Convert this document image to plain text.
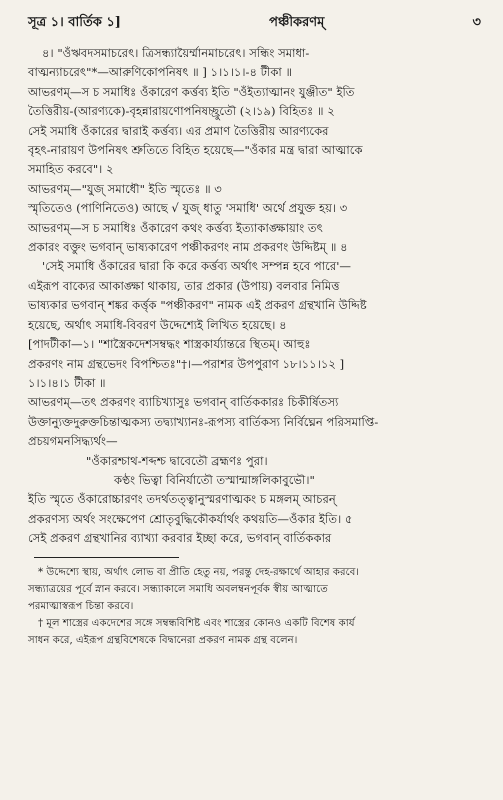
সূত্র ১। বার্তিক ১]	পঞ্চীকরণম্	৩
৪। "ওঁঋবদসমাচরেৎ। ত্রিসন্ধ্যায়ৈর্ম্মানমাচরেৎ। সন্ধিং সমাধা-
বাত্মন্যাচরেৎ"*—আরুণিকোপনিষৎ ॥ ] ১।১।১।-৪ টীকা ॥
আভরণম্—স চ সমাধিঃ ওঁকারেণ কর্ত্তব্য ইতি "ওঁইত্যাত্মানং যুঞ্জীত" ইতি
তৈত্তিরীয়-(আরণ্যকে)-বৃহন্নারায়ণোপনিষচ্ছ্রুতৌ (২।১৯) বিহিতঃ ॥ ২
সেই সমাধি ওঁকারের দ্বারাই কর্ত্তব্য। এর প্রমাণ তৈত্তিরীয় আরণ্যকের
বৃহৎ-নারায়ণ উপনিষৎ শ্রুতিতে বিহিত হয়েছে—"ওঁকার মন্ত্র দ্বারা আত্মাকে
সমাহিত করবে"। ২
আভরণম্—"যুজ্ সমাধৌ" ইতি স্মৃতেঃ ॥ ৩
স্মৃতিতেও (পাণিনিতেও) আছে √ যুজ্ ধাতু 'সমাধি' অর্থে প্রযুক্ত হয়। ৩
আভরণম্—স চ সমাধিঃ ওঁকারেণ কথং কর্ত্তব্য ইত্যাকাঙ্ক্ষায়াং তৎ
প্রকারং বক্তুং ভগবান্ ভাষ্যকারেণ পঞ্চীকরণং নাম প্রকরণং উদ্দিষ্টম্ ॥ ৪
'সেই সমাধি ওঁকারের দ্বারা কি করে কর্ত্তব্য অর্থাৎ সম্পন্ন হবে পারে'—
এইরূপ বাক্যের আকাঙ্ক্ষা থাকায়, তার প্রকার (উপায়) বলবার নিমিত্ত
ভাষ্যকার ভগবান্ শঙ্কর কর্ত্তৃক "পঞ্চীকরণ" নামক এই প্রকরণ গ্রন্থখানি উদ্দিষ্ট
হয়েছে, অর্থাৎ সমাধি-বিবরণ উদ্দেশ্যেই লিখিত হয়েছে। ৪
[পাদটীকা—১। "শাস্ত্রৈকদেশসম্বদ্ধং শাস্ত্রকার্য্যান্তরে স্থিতম্। আহুঃ
প্রকরণং নাম গ্রন্থভেদং বিপশ্চিতঃ"†।—পরাশর উপপুরাণ ১৮।১১।১২ ]
১।১।৪।১ টীকা ॥
আভরণম্—তৎ প্রকরণং ব্যাচিখ্যাসুঃ ভগবান্ বার্তিককারঃ চিকীর্ষিতস্য
উক্তান্যুক্তদুরুক্তচিন্তাত্মকস্য তদ্ব্যাখ্যানঃ-রূপস্য বার্তিকস্য নির্বিঘ্নেন পরিসমাপ্তি-
প্রচয়গমনসিদ্ধ্যর্থং—
"ওঁকারশ্চাথ-শব্দশ্চ দ্বাবেতৌ ব্রহ্মণঃ পুরা।
কণ্ঠং ভিত্বা বিনির্যাতৌ তস্মান্মাঙ্গলিকাবুভৌ।"
ইতি স্মৃতে ওঁকারোচ্চারণং তদর্থতত্ত্বানুস্মরণাত্মকং চ মঙ্গলম্ আচরন্
প্রকরণস্য অর্থং সংক্ষেপেণ শ্রোতৃবুদ্ধিকৌকর্যার্থং কথয়তি—ওঁকার ইতি। ৫
সেই প্রকরণ গ্রন্থখানির ব্যাখ্যা করবার ইচ্ছা করে, ভগবান্ বার্তিককার
* উদ্দেশ্যে স্থায়, অর্থাৎ লোভ বা প্রীতি হেতু নয়, পরন্তু দেহ-রক্ষার্থে আহার করবে।
সন্ধ্যাত্রয়ের পূর্বে স্নান করবে। সন্ধ্যাকালে সমাধি অবলম্বনপূর্বক স্বীয় আত্মাতে
পরমাত্মাস্বরূপ চিন্তা করবে।
† মূল শাস্ত্রের একদেশের সঙ্গে সম্বন্ধবিশিষ্ট এবং শাস্ত্রের কোনও একটি বিশেষ কার্য
সাধন করে, এইরূপ গ্রন্থবিশেষকে বিদ্বানেরা প্রকরণ নামক গ্রন্থ বলেন।
